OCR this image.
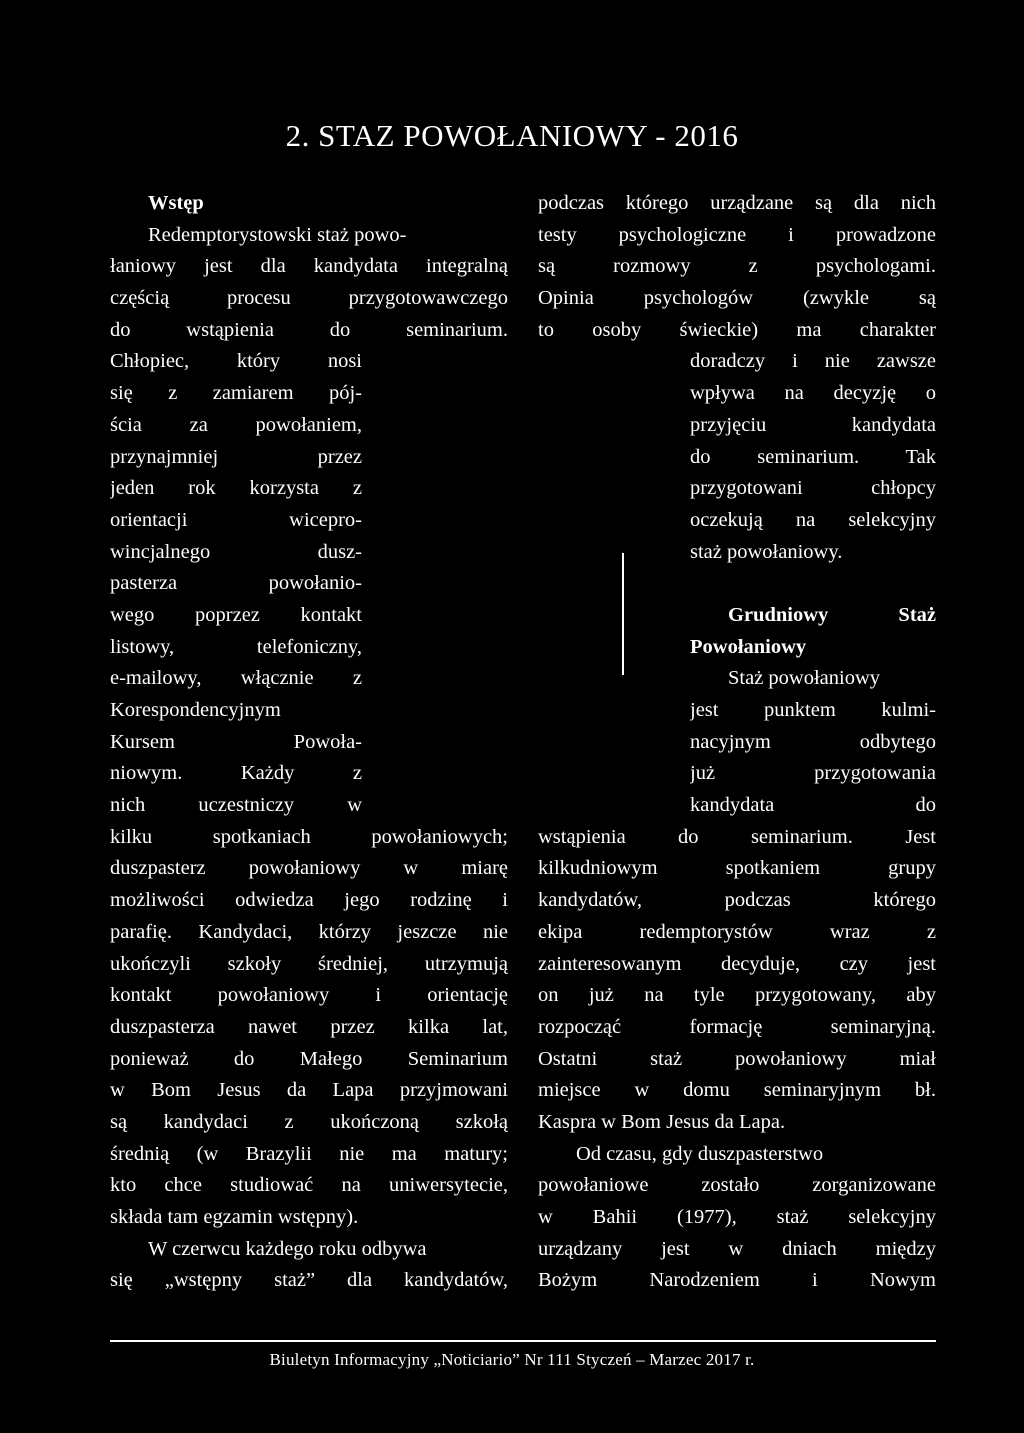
2. STAZ POWOŁANIOWY - 2016
Wstęp
Redemptorystowski staż powo-
łaniowy jest dla kandydata integralną
częścią procesu przygotowawczego
do wstąpienia do seminarium.
Chłopiec, który nosi
się z zamiarem pój-
ścia za powołaniem,
przynajmniej przez
jeden rok korzysta z
orientacji wicepro-
wincjalnego dusz-
pasterza powołanio-
wego poprzez kontakt
listowy, telefoniczny,
e-mailowy, włącznie z
Korespondencyjnym
Kursem Powoła-
niowym. Każdy z
nich uczestniczy w
kilku spotkaniach powołaniowych;
duszpasterz powołaniowy w miarę
możliwości odwiedza jego rodzinę i
parafię. Kandydaci, którzy jeszcze nie
ukończyli szkoły średniej, utrzymują
kontakt powołaniowy i orientację
duszpasterza nawet przez kilka lat,
ponieważ do Małego Seminarium
w Bom Jesus da Lapa przyjmowani
są kandydaci z ukończoną szkołą
średnią (w Brazylii nie ma matury;
kto chce studiować na uniwersytecie,
składa tam egzamin wstępny).
W czerwcu każdego roku odbywa
się „wstępny staż” dla kandydatów,
podczas którego urządzane są dla nich
testy psychologiczne i prowadzone
są rozmowy z psychologami.
Opinia psychologów (zwykle są
to osoby świeckie) ma charakter
doradczy i nie zawsze
wpływa na decyzję o
przyjęciu kandydata
do seminarium. Tak
przygotowani chłopcy
oczekują na selekcyjny
staż powołaniowy.
Grudniowy Staż
Powołaniowy
Staż powołaniowy
jest punktem kulmi-
nacyjnym odbytego
już przygotowania
kandydata do
wstąpienia do seminarium. Jest
kilkudniowym spotkaniem grupy
kandydatów, podczas którego
ekipa redemptorystów wraz z
zainteresowanym decyduje, czy jest
on już na tyle przygotowany, aby
rozpocząć formację seminaryjną.
Ostatni staż powołaniowy miał
miejsce w domu seminaryjnym bł.
Kaspra w Bom Jesus da Lapa.
Od czasu, gdy duszpasterstwo
powołaniowe zostało zorganizowane
w Bahii (1977), staż selekcyjny
urządzany jest w dniach między
Bożym Narodzeniem i Nowym

Biuletyn Informacyjny „Noticiario” Nr 111 Styczeń – Marzec 2017 r.
